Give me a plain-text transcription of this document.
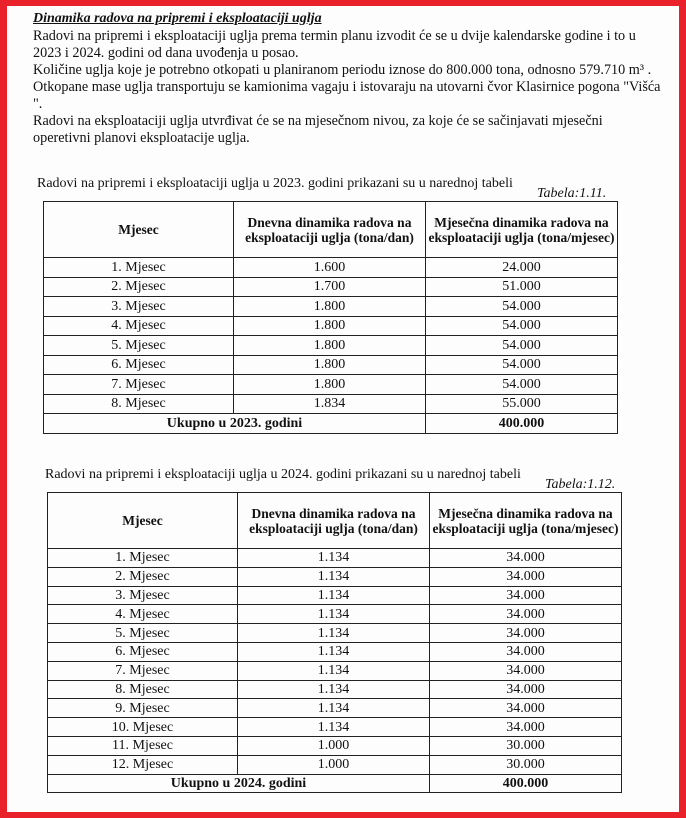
Dinamika radova na pripremi i eksploataciji uglja

Radovi na pripremi i eksploataciji uglja prema termin planu izvodit će se u dvije kalendarske godine i to u 2023 i 2024. godini od dana uvođenja u posao.

Količine uglja koje je potrebno otkopati u planiranom periodu iznose do 800.000 tona, odnosno 579.710 m³ . Otkopane mase uglja transportuju se kamionima vagaju i istovaraju na utovarni čvor Klasirnice pogona "Višća ".

Radovi na eksploataciji uglja utvrđivat će se na mjesečnom nivou, za koje će se sačinjavati mjesečni operetivni planovi eksploatacije uglja.

Radovi na pripremi i eksploataciji uglja u 2023. godini prikazani su u narednoj tabeli
Tabela:1.11.
Mjesec	Dnevna dinamika radova na eksploataciji uglja (tona/dan)	Mjesečna dinamika radova na eksploataciji uglja (tona/mjesec)
1. Mjesec	1.600	24.000
2. Mjesec	1.700	51.000
3. Mjesec	1.800	54.000
4. Mjesec	1.800	54.000
5. Mjesec	1.800	54.000
6. Mjesec	1.800	54.000
7. Mjesec	1.800	54.000
8. Mjesec	1.834	55.000
Ukupno u 2023. godini		400.000
Radovi na pripremi i eksploataciji uglja u 2024. godini prikazani su u narednoj tabeli
Tabela:1.12.
Mjesec	Dnevna dinamika radova na eksploataciji uglja (tona/dan)	Mjesečna dinamika radova na eksploataciji uglja (tona/mjesec)
1. Mjesec	1.134	34.000
2. Mjesec	1.134	34.000
3. Mjesec	1.134	34.000
4. Mjesec	1.134	34.000
5. Mjesec	1.134	34.000
6. Mjesec	1.134	34.000
7. Mjesec	1.134	34.000
8. Mjesec	1.134	34.000
9. Mjesec	1.134	34.000
10. Mjesec	1.134	34.000
11. Mjesec	1.000	30.000
12. Mjesec	1.000	30.000
Ukupno u 2024. godini		400.000
